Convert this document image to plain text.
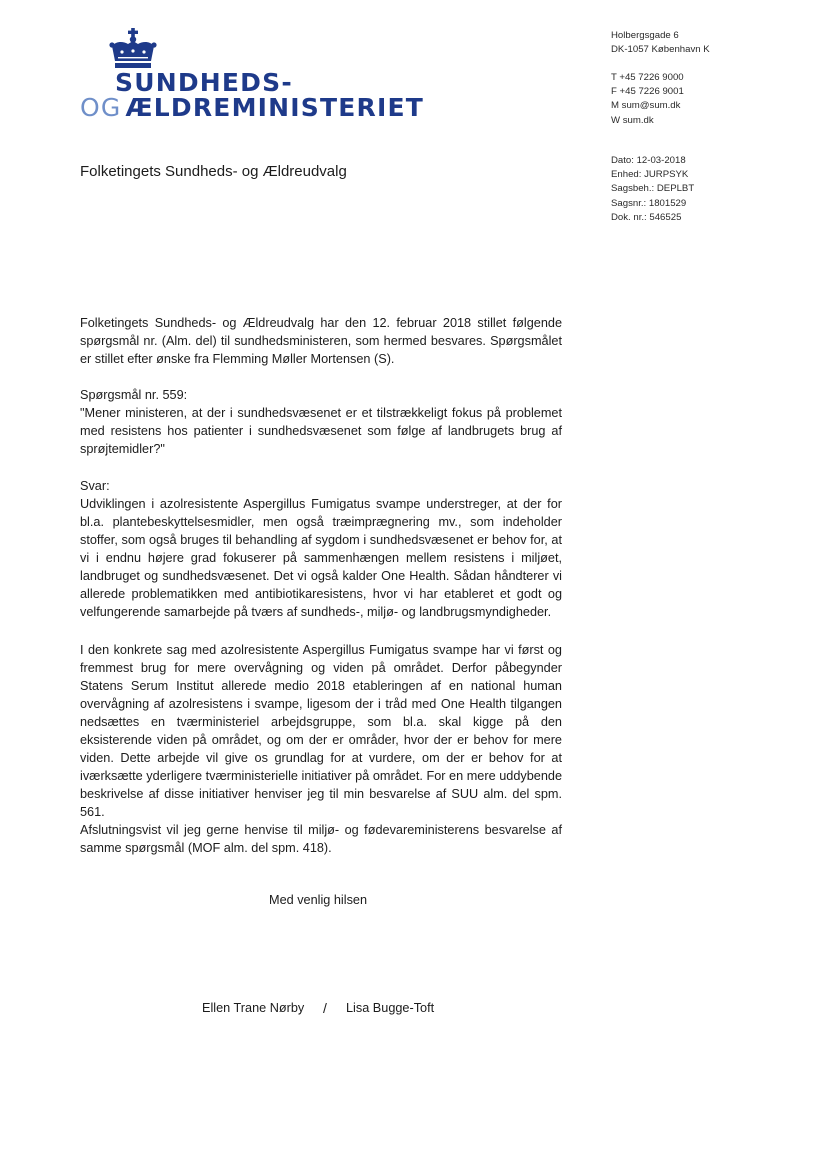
SUNDHEDS-
OG ÆLDREMINISTERIET
Holbergsgade 6
DK-1057 København K
T +45 7226 9000
F +45 7226 9001
M sum@sum.dk
W sum.dk
Dato: 12-03-2018
Enhed: JURPSYK
Sagsbeh.: DEPLBT
Sagsnr.: 1801529
Dok. nr.: 546525
Folketingets Sundheds- og Ældreudvalg

Folketingets Sundheds- og Ældreudvalg har den 12. februar 2018 stillet følgende spørgsmål nr. (Alm. del) til sundhedsministeren, som hermed besvares. Spørgsmålet er stillet efter ønske fra Flemming Møller Mortensen (S).

Spørgsmål nr. 559:

"Mener ministeren, at der i sundhedsvæsenet er et tilstrækkeligt fokus på problemet med resistens hos patienter i sundhedsvæsenet som følge af landbrugets brug af sprøjtemidler?"

Svar:

Udviklingen i azolresistente Aspergillus Fumigatus svampe understreger, at der for bl.a. plantebeskyttelsesmidler, men også træimprægnering mv., som indeholder stoffer, som også bruges til behandling af sygdom i sundhedsvæsenet er behov for, at vi i endnu højere grad fokuserer på sammenhængen mellem resistens i miljøet, landbruget og sundhedsvæsenet. Det vi også kalder One Health. Sådan håndterer vi allerede problematikken med antibiotikaresistens, hvor vi har etableret et godt og velfungerende samarbejde på tværs af sundheds-, miljø- og landbrugsmyndigheder.

I den konkrete sag med azolresistente Aspergillus Fumigatus svampe har vi først og fremmest brug for mere overvågning og viden på området. Derfor påbegynder Statens Serum Institut allerede medio 2018 etableringen af en national human overvågning af azolresistens i svampe, ligesom der i tråd med One Health tilgangen nedsættes en tværministeriel arbejdsgruppe, som bl.a. skal kigge på den eksisterende viden på området, og om der er områder, hvor der er behov for mere viden. Dette arbejde vil give os grundlag for at vurdere, om der er behov for at iværksætte yderligere tværministerielle initiativer på området. For en mere uddybende beskrivelse af disse initiativer henviser jeg til min besvarelse af SUU alm. del spm. 561.

Afslutningsvist vil jeg gerne henvise til miljø- og fødevareministerens besvarelse af samme spørgsmål (MOF alm. del spm. 418).

Med venlig hilsen
Ellen Trane Nørby / Lisa Bugge-Toft
